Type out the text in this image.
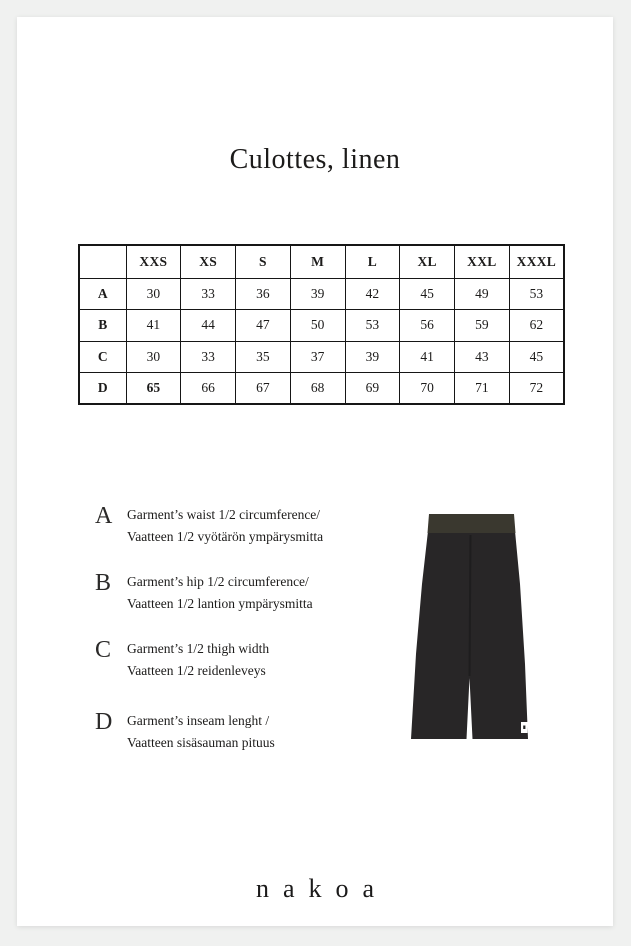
Culottes, linen
	XXS	XS	S	M	L	XL	XXL	XXXL
A	30	33	36	39	42	45	49	53
B	41	44	47	50	53	56	59	62
C	30	33	35	37	39	41	43	45
D	65	66	67	68	69	70	71	72
A	Garment’s waist 1/2 circumference/
Vaatteen 1/2 vyötärön ympärysmitta
B	Garment’s hip 1/2 circumference/
Vaatteen 1/2 lantion ympärysmitta
C	Garment’s 1/2 thigh width
Vaatteen 1/2 reidenleveys
D	Garment’s inseam lenght /
Vaatteen sisäsauman pituus
nakoa
